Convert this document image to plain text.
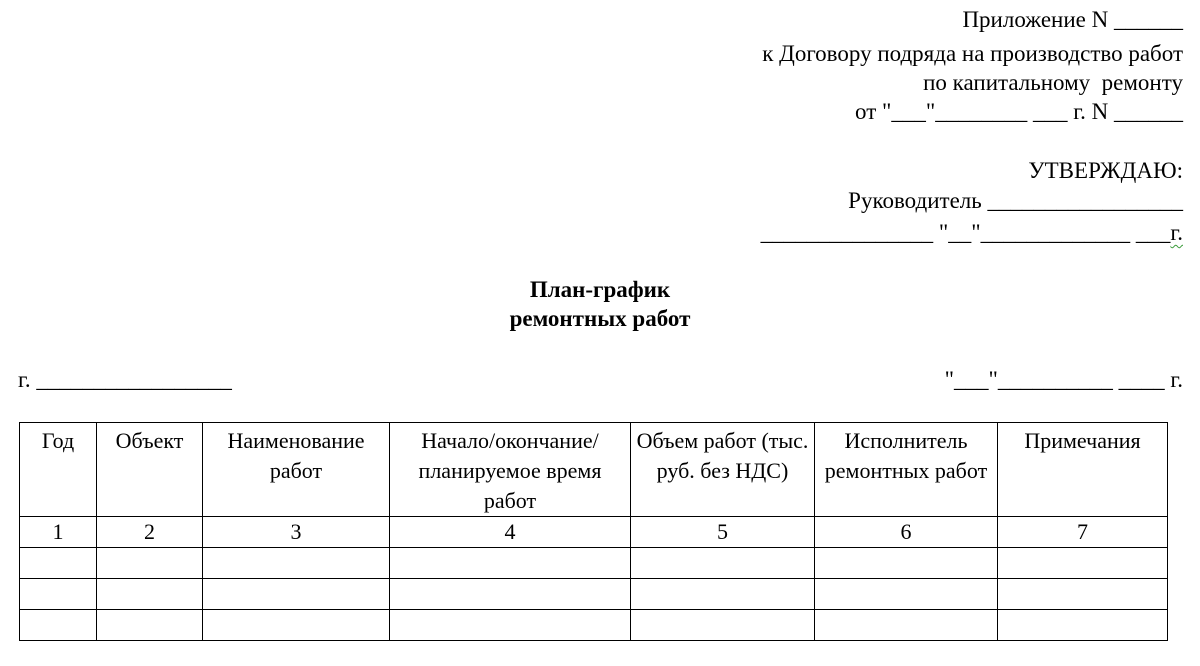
Приложение N ______
к Договору подряда на производство работ
по капитальному  ремонту
от "___"________ ___ г. N ______
УТВЕРЖДАЮ:
Руководитель _________________
_______________ "__"_____________ ___г.
План-график
ремонтных работ
г. _________________	"___"__________ ____ г.
Год	Объект	Наименование работ	Начало/окончание/ планируемое время работ	Объем работ (тыс. руб. без НДС)	Исполнитель ремонтных работ	Примечания
1	2	3	4	5	6	7
